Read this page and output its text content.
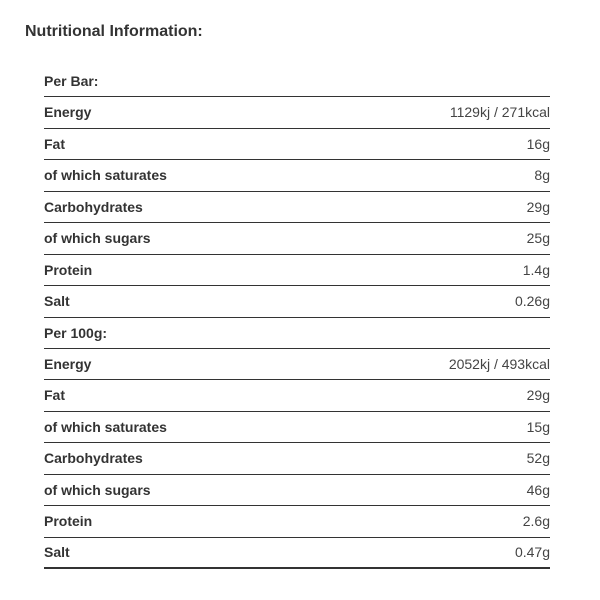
Nutritional Information:
Per Bar:
Energy	1129kj / 271kcal
Fat	16g
of which saturates	8g
Carbohydrates	29g
of which sugars	25g
Protein	1.4g
Salt	0.26g
Per 100g:
Energy	2052kj / 493kcal
Fat	29g
of which saturates	15g
Carbohydrates	52g
of which sugars	46g
Protein	2.6g
Salt	0.47g
